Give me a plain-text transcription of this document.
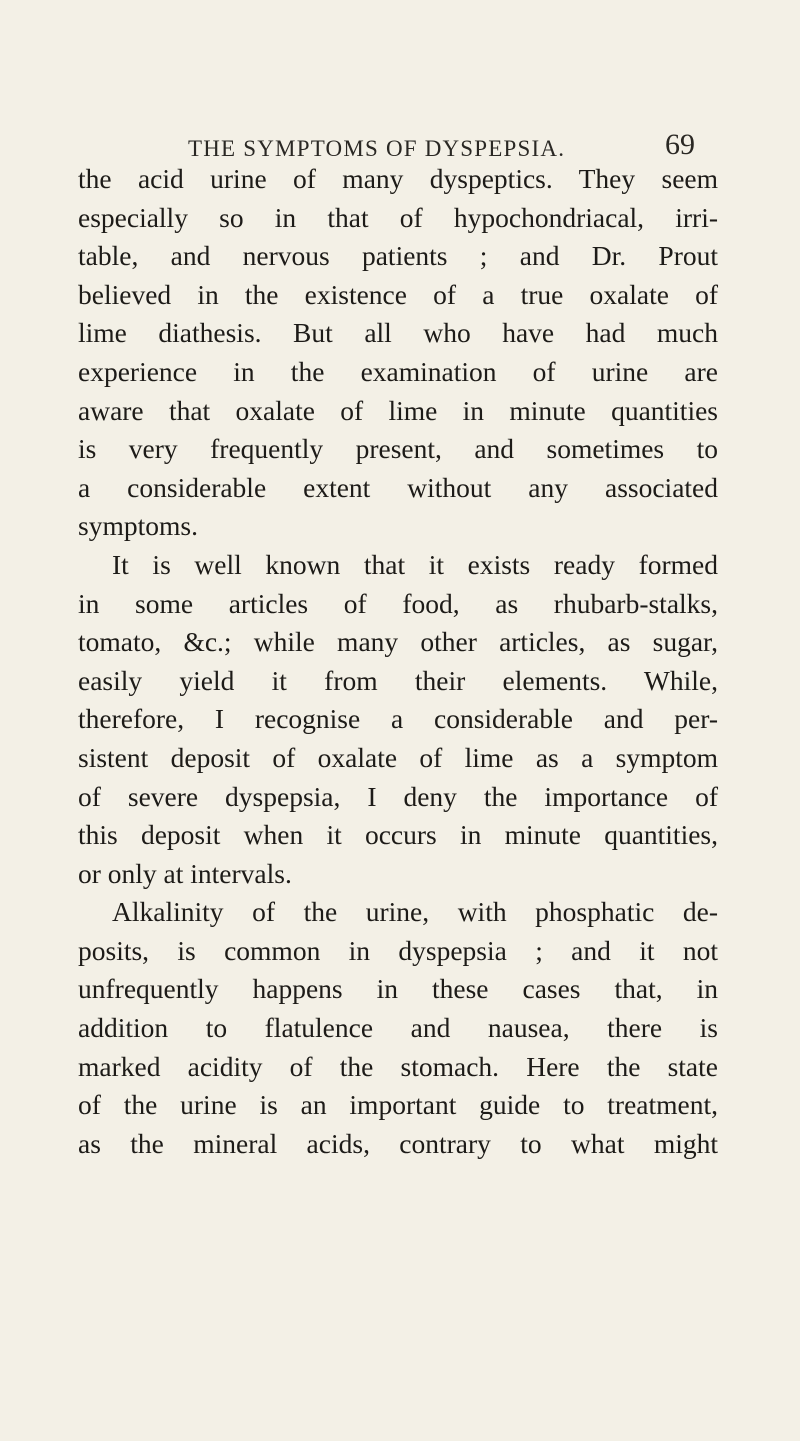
THE SYMPTOMS OF DYSPEPSIA.	69
the acid urine of many dyspeptics. They seem
especially so in that of hypochondriacal, irri-
table, and nervous patients ; and Dr. Prout
believed in the existence of a true oxalate of
lime diathesis. But all who have had much
experience in the examination of urine are
aware that oxalate of lime in minute quantities
is very frequently present, and sometimes to
a considerable extent without any associated
symptoms.
It is well known that it exists ready formed
in some articles of food, as rhubarb-stalks,
tomato, &c.; while many other articles, as sugar,
easily yield it from their elements. While,
therefore, I recognise a considerable and per-
sistent deposit of oxalate of lime as a symptom
of severe dyspepsia, I deny the importance of
this deposit when it occurs in minute quantities,
or only at intervals.
Alkalinity of the urine, with phosphatic de-
posits, is common in dyspepsia ; and it not
unfrequently happens in these cases that, in
addition to flatulence and nausea, there is
marked acidity of the stomach. Here the state
of the urine is an important guide to treatment,
as the mineral acids, contrary to what might
